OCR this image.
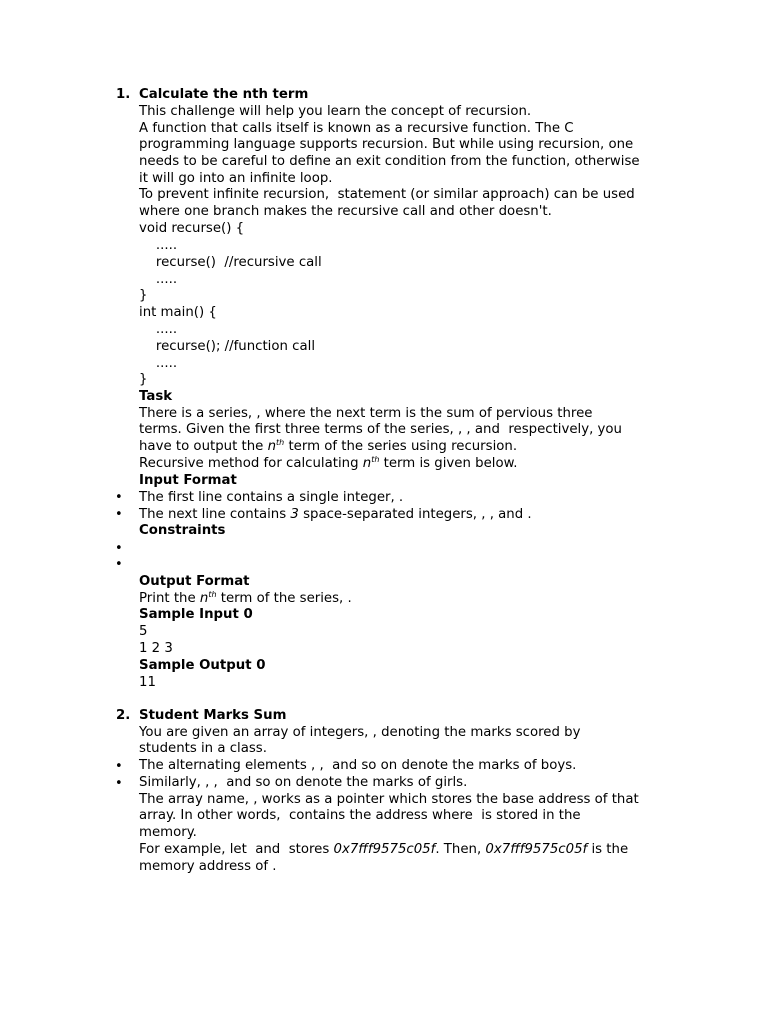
1. Calculate the nth term
This challenge will help you learn the concept of recursion.
A function that calls itself is known as a recursive function. The C
programming language supports recursion. But while using recursion, one
needs to be careful to define an exit condition from the function, otherwise
it will go into an infinite loop.
To prevent infinite recursion,  statement (or similar approach) can be used
where one branch makes the recursive call and other doesn't.
void recurse() {
.....
recurse()  //recursive call
.....
}
int main() {
.....
recurse(); //function call
.....
}
Task
There is a series, , where the next term is the sum of pervious three
terms. Given the first three terms of the series, , , and  respectively, you
have to output the $n^{th}$ term of the series using recursion.
Recursive method for calculating $n^{th}$ term is given below.
Input Format
• The first line contains a single integer, .
• The next line contains 3 space-separated integers, , , and .
Constraints
•
•
Output Format
Print the $n^{th}$ term of the series, .
Sample Input 0
5
1 2 3
Sample Output 0
11
2. Student Marks Sum
You are given an array of integers, , denoting the marks scored by
students in a class.
• The alternating elements , ,  and so on denote the marks of boys.
• Similarly, , ,  and so on denote the marks of girls.
The array name, , works as a pointer which stores the base address of that
array. In other words,  contains the address where  is stored in the
memory.
For example, let  and  stores 0x7fff9575c05f. Then, 0x7fff9575c05f is the
memory address of .
